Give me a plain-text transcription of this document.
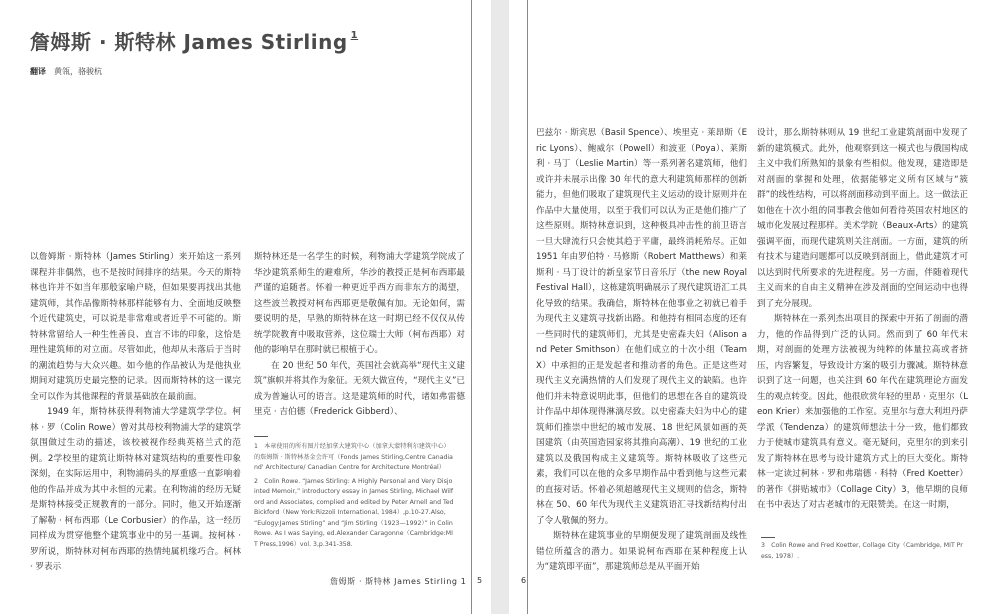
詹姆斯 · 斯特林 James Stirling $^1$
翻译 黄瓴，骆骏杭

以詹姆斯 · 斯特林（James Stirling）来开始这一系列课程并非偶然，也不是按时间排序的结果。今天的斯特林也许并不如当年那般家喻户晓，但如果要再找出其他建筑师，其作品像斯特林那样能够有力、全面地反映整个近代建筑史，可以说是非常难或者近乎不可能的。斯特林常留给人一种生性善良、直言不讳的印象，这恰是理性建筑师的对立面。尽管如此，他却从未落后于当时的潮流趋势与大众兴趣。如今他的作品被认为是他执业期间对建筑历史最完整的记录。因而斯特林的这一课完全可以作为其他课程的背景基础放在最前面。

1949 年，斯特林获得利物浦大学建筑学学位。柯林 · 罗（Colin Rowe）曾对其母校利物浦大学的建筑学氛围做过生动的描述，该校被视作经典英格兰式的范例。2学校里的建筑让斯特林对建筑结构的重要性印象深刻，在实际运用中，利物浦码头的厚重感一直影响着他的作品并成为其中永恒的元素。在利物浦的经历无疑是斯特林接受正规教育的一部分。同时，他又开始逐渐了解勒 · 柯布西耶（Le Corbusier）的作品，这一经历同样成为贯穿他整个建筑事业中的另一基调。按柯林 · 罗所说，斯特林对柯布西耶的热情纯属机缘巧合。柯林 · 罗表示

斯特林还是一名学生的时候，利物浦大学建筑学院成了华沙建筑系师生的避难所，华沙的教授正是柯布西耶最严谨的追随者。怀着一种更近乎西方而非东方的渴望，这些波兰教授对柯布西耶更是敬佩有加。无论如何，需要说明的是，早熟的斯特林在这一时期已经不仅仅从传统学院教育中吸取营养，这位瑞士大师（柯布西耶）对他的影响早在那时就已根植于心。

在 20 世纪 50 年代，英国社会就高举“现代主义建筑”旗帜并将其作为象征。无须大做宣传，“现代主义”已成为普遍认可的语言。这是建筑师的时代，诸如弗雷德里克 · 吉伯德（Frederick Gibberd）、

1　本章使用的所有图片经加拿大建筑中心（加拿大蒙特利尔建筑中心）的詹姆斯 · 斯特林基金会许可（Fonds James Stirling,Centre Canadiand' Architecture/ Canadian Centre for Architecture Montréal）

2　Colin Rowe. “James Stirling: A Highly Personal and Very Disjointed Memoir,” introductory essay in James Stirling, Michael Wilford and Associates, complied and edited by Peter Arnell and Ted Bickford（New York:Rizzoli International, 1984）,p.10-27.Also, “Eulogy:James Stirling” and “Jim Stirling（1923—1992）” in Colin Rowe. As I was Saying, ed.Alexander Caragonne（Cambridge:MIT Press,1996）vol. 3,p.341-358.

詹姆斯 · 斯特林 James Stirling 1 5

巴兹尔 · 斯宾思（Basil Spence）、埃里克 · 莱昂斯（Eric Lyons）、鲍威尔（Powell）和波亚（Poya）、莱斯利 · 马丁（Leslie Martin）等一系列著名建筑师，他们或许并未展示出像 30 年代的意大利建筑师那样的创新能力，但他们吸取了建筑现代主义运动的设计原则并在作品中大量使用，以至于我们可以认为正是他们推广了这些原则。斯特林意识到，这种极具冲击性的前卫语言一旦大肆流行只会使其趋于平庸，最终消耗殆尽。正如 1951 年由罗伯特 · 马修斯（Robert Matthews）和莱斯利 · 马丁设计的新皇家节日音乐厅（the new Royal Festival Hall），这栋建筑明确展示了现代建筑语汇工具化导致的结果。我确信，斯特林在他事业之初就已着手为现代主义建筑寻找新出路。和他持有相同态度的还有一些同时代的建筑师们，尤其是史密森夫妇（Alison and Peter Smithson）在他们成立的十次小组（Team X）中承担的正是发起者和推动者的角色。正是这些对现代主义充满热情的人们发现了现代主义的缺陷。也许他们并未特意说明此事，但他们的思想在各自的建筑设计作品中却体现得淋漓尽致。以史密森夫妇为中心的建筑师们推崇中世纪的城市发展、18 世纪风景如画的英国建筑（由英国造园家将其推向高潮）、19 世纪的工业建筑以及俄国构成主义建筑等。斯特林吸收了这些元素，我们可以在他的众多早期作品中看到他与这些元素的直接对话。怀着必须超越现代主义规则的信念，斯特林在 50、60 年代为现代主义建筑语汇寻找新结构付出了令人敬佩的努力。

斯特林在建筑事业的早期便发现了建筑剖面及线性错位所蕴含的潜力。如果说柯布西耶在某种程度上认为“建筑即平面”，那建筑师总是从平面开始

设计，那么斯特林则从 19 世纪工业建筑剖面中发现了新的建筑模式。此外，他观察到这一模式也与俄国构成主义中我们所熟知的景象有些相似。他发现，建造即是对剖面的掌握和处理，依据能够定义所有区域与“簇群”的线性结构，可以将剖面移动到平面上。这一做法正如他在十次小组的同事教会他如何看待英国农村地区的城市化发展过程那样。美术学院（Beaux-Arts）的建筑强调平面，而现代建筑则关注剖面。一方面，建筑的所有技术与建造问题都可以反映到剖面上，借此建筑才可以达到时代所要求的先进程度。另一方面，伴随着现代主义而来的自由主义精神在涉及剖面的空间运动中也得到了充分展现。

斯特林在一系列杰出项目的探索中开拓了剖面的潜力，他的作品得到广泛的认同。然而到了 60 年代末期，对剖面的处理方法被视为纯粹的体量拉高或者挤压，内容繁复，导致设计方案的吸引力骤减。斯特林意识到了这一问题，也关注到 60 年代在建筑理论方面发生的观点转变。因此，他很欣赏年轻的里昂 · 克里尔（Leon Krier）来加强他的工作室。克里尔与意大利坦丹萨学派（Tendenza）的建筑师想法十分一致，他们都致力于使城市建筑具有意义。毫无疑问，克里尔的到来引发了斯特林在思考与设计建筑方式上的巨大变化。斯特林一定读过柯林 · 罗和弗瑞德 · 科特（Fred Koetter）的著作《拼贴城市》（Collage City）3，他早期的良师在书中表达了对古老城市的无限赞美。在这一时期，

3　Colin Rowe and Fred Koetter, Collage City（Cambridge, MIT Press, 1978）.

6
